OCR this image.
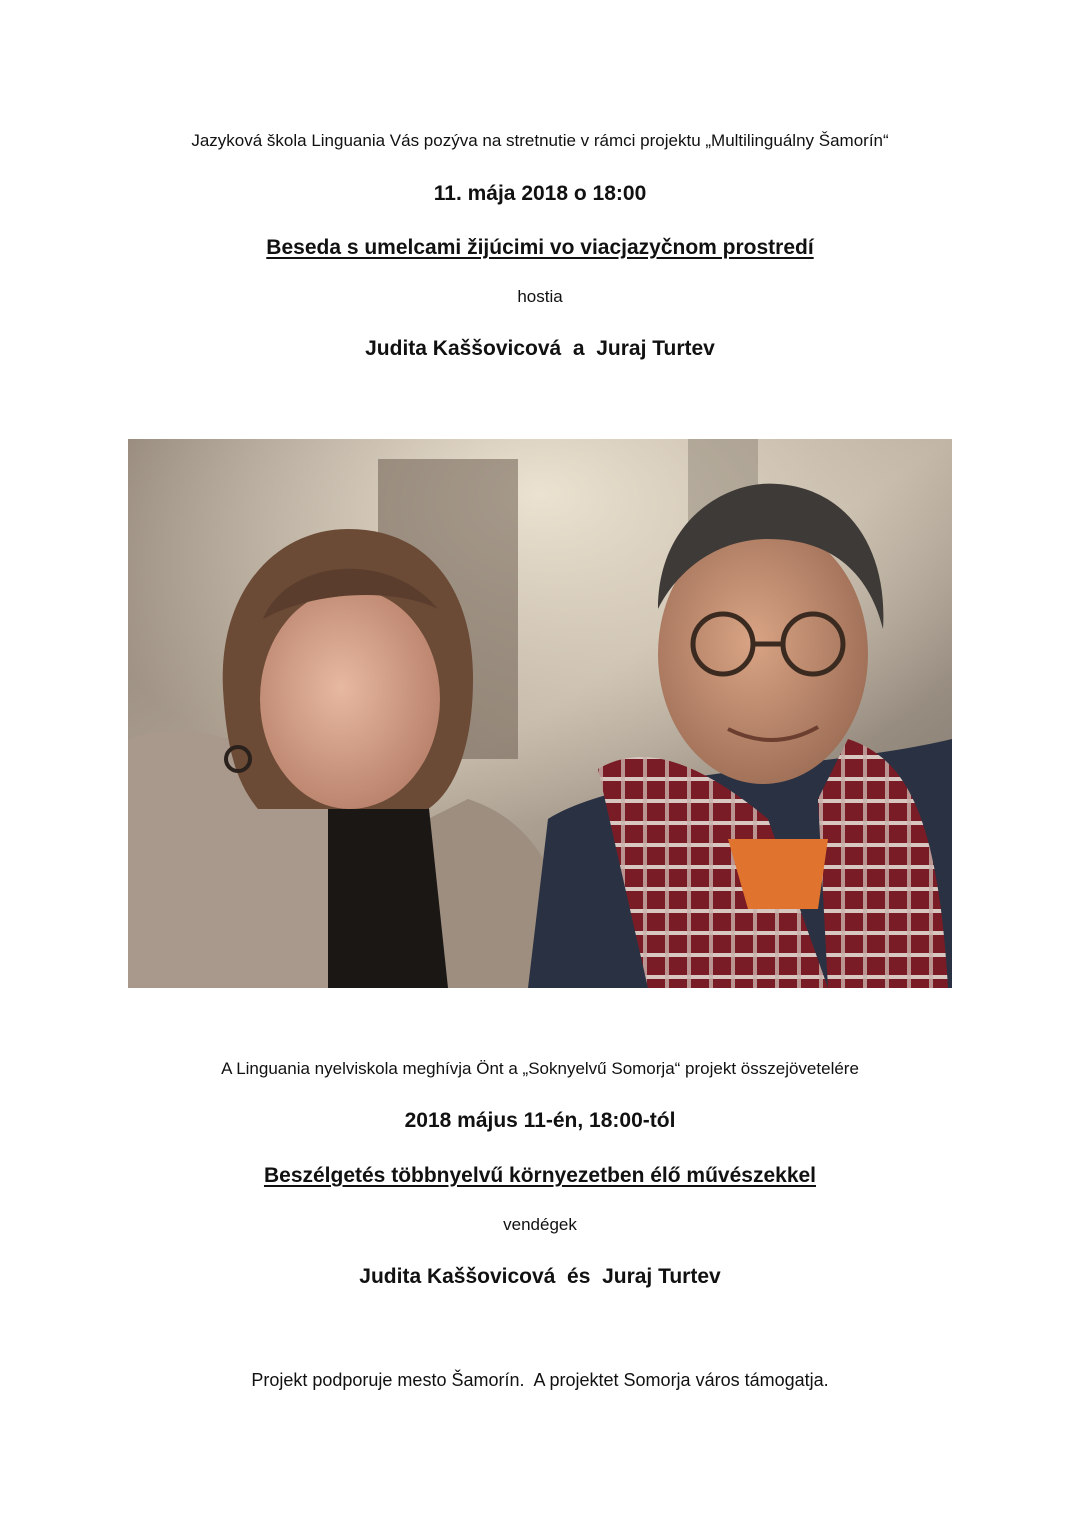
Jazyková škola Linguania Vás pozýva na stretnutie v rámci projektu „Multilinguálny Šamorín“
11. mája 2018 o 18:00
Beseda s umelcami žijúcimi vo viacjazyčnom prostredí
hostia
Judita Kaššovicová  a  Juraj Turtev
A Linguania nyelviskola meghívja Önt a „Soknyelvű Somorja“ projekt összejövetelére
2018 május 11-én, 18:00-tól
Beszélgetés többnyelvű környezetben élő művészekkel
vendégek
Judita Kaššovicová  és  Juraj Turtev
Projekt podporuje mesto Šamorín.  A projektet Somorja város támogatja.
